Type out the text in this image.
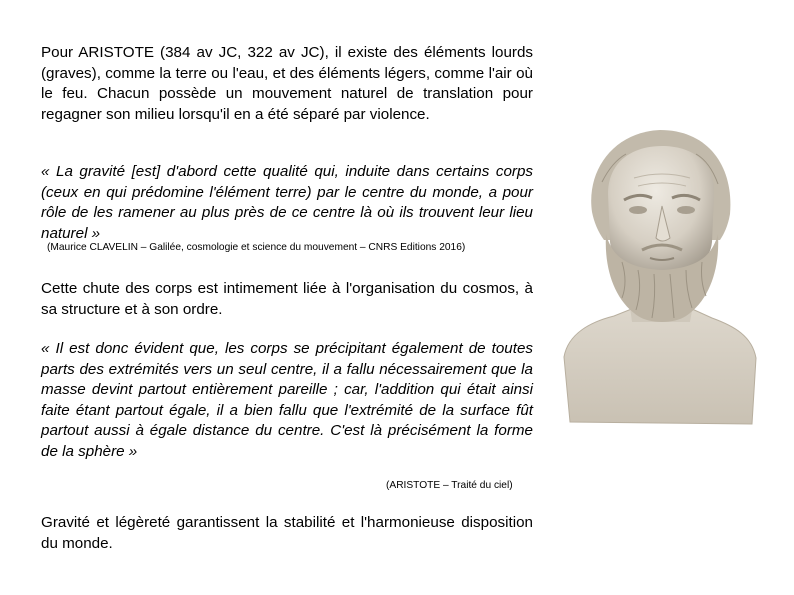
Pour ARISTOTE (384 av JC, 322 av JC), il existe des éléments lourds (graves), comme la terre ou l'eau, et des éléments légers, comme l'air où le feu. Chacun possède un mouvement naturel de translation pour regagner son milieu lorsqu'il en a été séparé par violence.

« La gravité [est] d'abord cette qualité qui, induite dans certains corps (ceux en qui prédomine l'élément terre) par le centre du monde, a pour rôle de les ramener au plus près de ce centre là où ils trouvent leur lieu naturel »

(Maurice CLAVELIN – Galilée, cosmologie et science du mouvement – CNRS Editions 2016)

Cette chute des corps est intimement liée à l'organisation du cosmos, à sa structure et à son ordre.

« Il est donc évident que, les corps se précipitant également de toutes parts des extrémités vers un seul centre, il a fallu nécessairement que la masse devint partout entièrement pareille ; car, l'addition qui était ainsi faite étant partout égale, il a bien fallu que l'extrémité de la surface fût partout aussi à égale distance du centre. C'est là précisément la forme de la sphère »

(ARISTOTE – Traité du ciel)

Gravité et légèreté garantissent la stabilité et l'harmonieuse disposition du monde.
